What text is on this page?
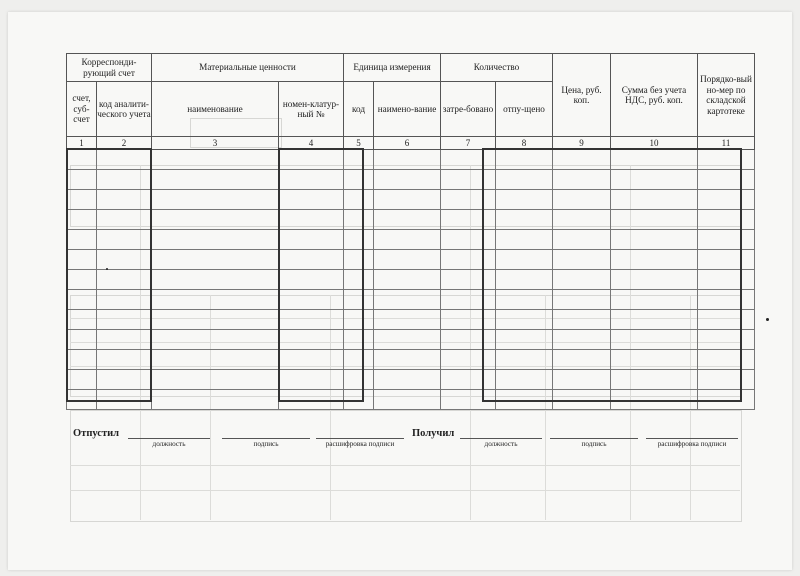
Корреспонди-рующий счет		Материальные ценности		Единица измерения		Количество		Цена, руб. коп.	Сумма без учета НДС, руб. коп.	Порядко-вый но-мер по складской картотеке
счет, суб-счет	код аналити-ческого учета	наименование	номен-клатур-ный №	код	наимено-вание	затре-бовано	отпу-щено			
1	2	3	4	5	6	7	8	9	10	11

Отпустил
должность	подпись	расшифровка подписи
Получил
должность	подпись	расшифровка подписи
